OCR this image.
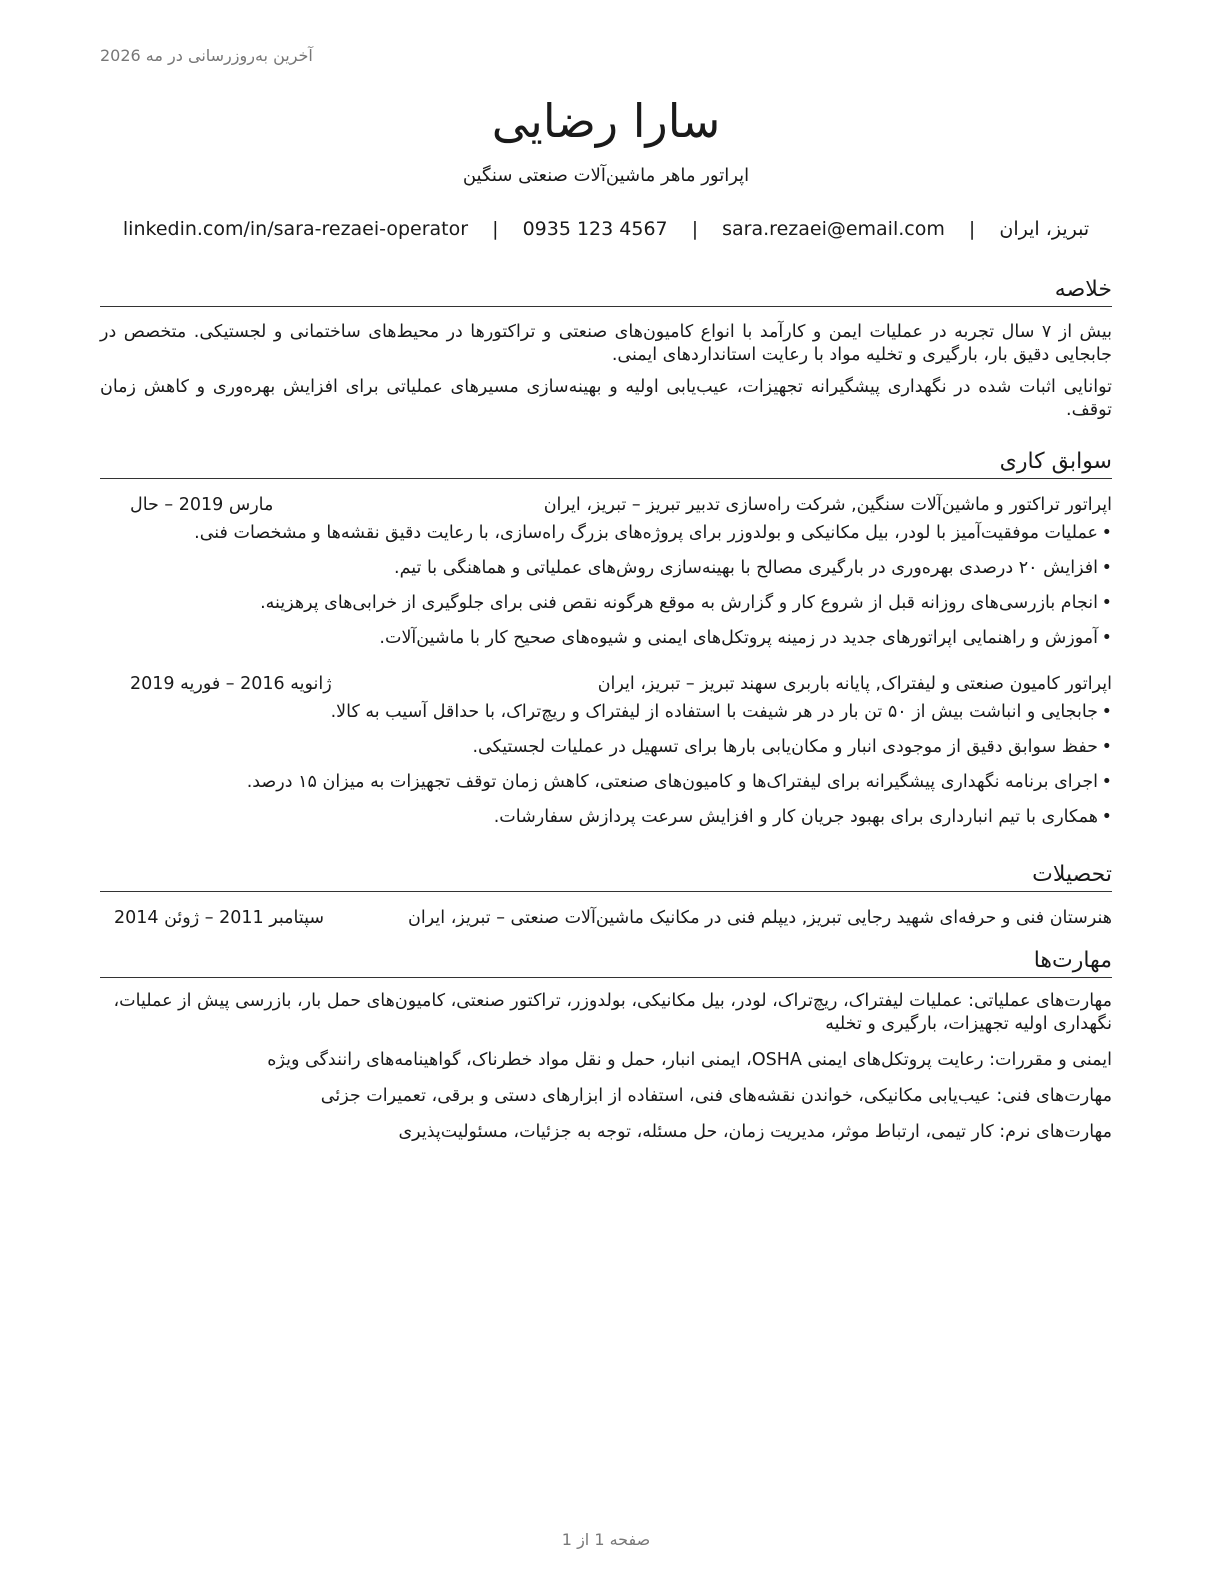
آخرین به‌روزرسانی در مه 2026
سارا رضایی
اپراتور ماهر ماشین‌آلات صنعتی سنگین
تبریز، ایران | sara.rezaei@email.com | 0935 123 4567 | linkedin.com/in/sara-rezaei-operator
خلاصه

بیش از ۷ سال تجربه در عملیات ایمن و کارآمد با انواع کامیون‌های صنعتی و تراکتورها در محیط‌های ساختمانی و لجستیکی. متخصص در جابجایی دقیق بار، بارگیری و تخلیه مواد با رعایت استانداردهای ایمنی.

توانایی اثبات شده در نگهداری پیشگیرانه تجهیزات، عیب‌یابی اولیه و بهینه‌سازی مسیرهای عملیاتی برای افزایش بهره‌وری و کاهش زمان توقف.

سوابق کاری
اپراتور تراکتور و ماشین‌آلات سنگین, شرکت راه‌سازی تدبیر تبریز – تبریز، ایران
مارس 2019 – حال
•
عملیات موفقیت‌آمیز با لودر، بیل مکانیکی و بولدوزر برای پروژه‌های بزرگ راه‌سازی، با رعایت دقیق نقشه‌ها و مشخصات فنی.
•
افزایش ۲۰ درصدی بهره‌وری در بارگیری مصالح با بهینه‌سازی روش‌های عملیاتی و هماهنگی با تیم.
•
انجام بازرسی‌های روزانه قبل از شروع کار و گزارش به موقع هرگونه نقص فنی برای جلوگیری از خرابی‌های پرهزینه.
•
آموزش و راهنمایی اپراتورهای جدید در زمینه پروتکل‌های ایمنی و شیوه‌های صحیح کار با ماشین‌آلات.
اپراتور کامیون صنعتی و لیفتراک, پایانه باربری سهند تبریز – تبریز، ایران
ژانویه 2016 – فوریه 2019
•
جابجایی و انباشت بیش از ۵۰ تن بار در هر شیفت با استفاده از لیفتراک و ریچ‌تراک، با حداقل آسیب به کالا.
•
حفظ سوابق دقیق از موجودی انبار و مکان‌یابی بارها برای تسهیل در عملیات لجستیکی.
•
اجرای برنامه نگهداری پیشگیرانه برای لیفتراک‌ها و کامیون‌های صنعتی، کاهش زمان توقف تجهیزات به میزان ۱۵ درصد.
•
همکاری با تیم انبارداری برای بهبود جریان کار و افزایش سرعت پردازش سفارشات.
تحصیلات
هنرستان فنی و حرفه‌ای شهید رجایی تبریز, دیپلم فنی در مکانیک ماشین‌آلات صنعتی – تبریز، ایران
سپتامبر 2011 – ژوئن 2014
مهارت‌ها
مهارت‌های عملیاتی: عملیات لیفتراک، ریچ‌تراک، لودر، بیل مکانیکی، بولدوزر، تراکتور صنعتی، کامیون‌های حمل بار، بازرسی پیش از عملیات، نگهداری اولیه تجهیزات، بارگیری و تخلیه
ایمنی و مقررات: رعایت پروتکل‌های ایمنی OSHA، ایمنی انبار، حمل و نقل مواد خطرناک، گواهینامه‌های رانندگی ویژه
مهارت‌های فنی: عیب‌یابی مکانیکی، خواندن نقشه‌های فنی، استفاده از ابزارهای دستی و برقی، تعمیرات جزئی
مهارت‌های نرم: کار تیمی، ارتباط موثر، مدیریت زمان، حل مسئله، توجه به جزئیات، مسئولیت‌پذیری
صفحه 1 از 1
